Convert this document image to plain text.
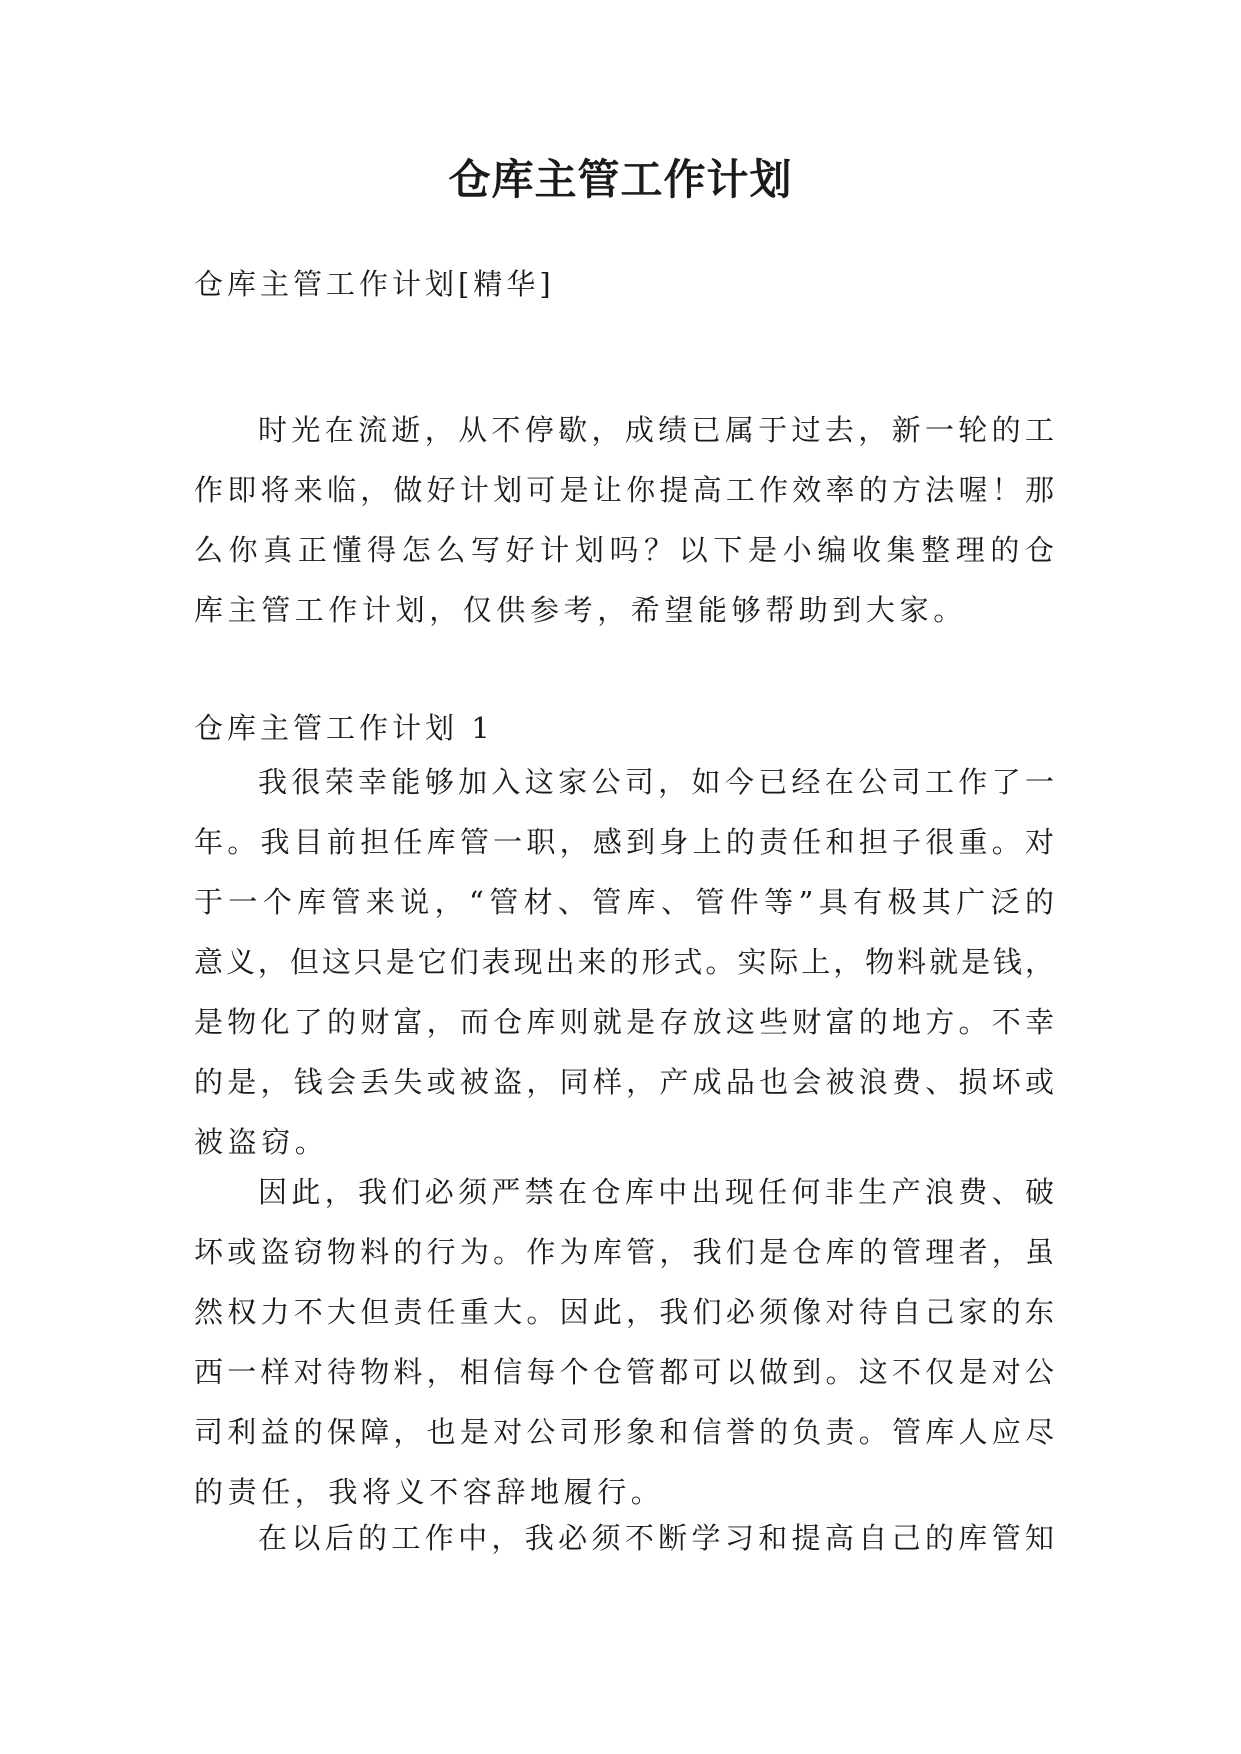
仓库主管工作计划
仓库主管工作计划[精华]
时光在流逝，从不停歇，成绩已属于过去，新一轮的工
作即将来临，做好计划可是让你提高工作效率的方法喔！那
么你真正懂得怎么写好计划吗？以下是小编收集整理的仓
库主管工作计划，仅供参考，希望能够帮助到大家。
仓库主管工作计划 1
我很荣幸能够加入这家公司，如今已经在公司工作了一
年。我目前担任库管一职，感到身上的责任和担子很重。对
于一个库管来说，“管材、管库、管件等”具有极其广泛的
意义，但这只是它们表现出来的形式。实际上，物料就是钱，
是物化了的财富，而仓库则就是存放这些财富的地方。不幸
的是，钱会丢失或被盗，同样，产成品也会被浪费、损坏或
被盗窃。
因此，我们必须严禁在仓库中出现任何非生产浪费、破
坏或盗窃物料的行为。作为库管，我们是仓库的管理者，虽
然权力不大但责任重大。因此，我们必须像对待自己家的东
西一样对待物料，相信每个仓管都可以做到。这不仅是对公
司利益的保障，也是对公司形象和信誉的负责。管库人应尽
的责任，我将义不容辞地履行。
在以后的工作中，我必须不断学习和提高自己的库管知
